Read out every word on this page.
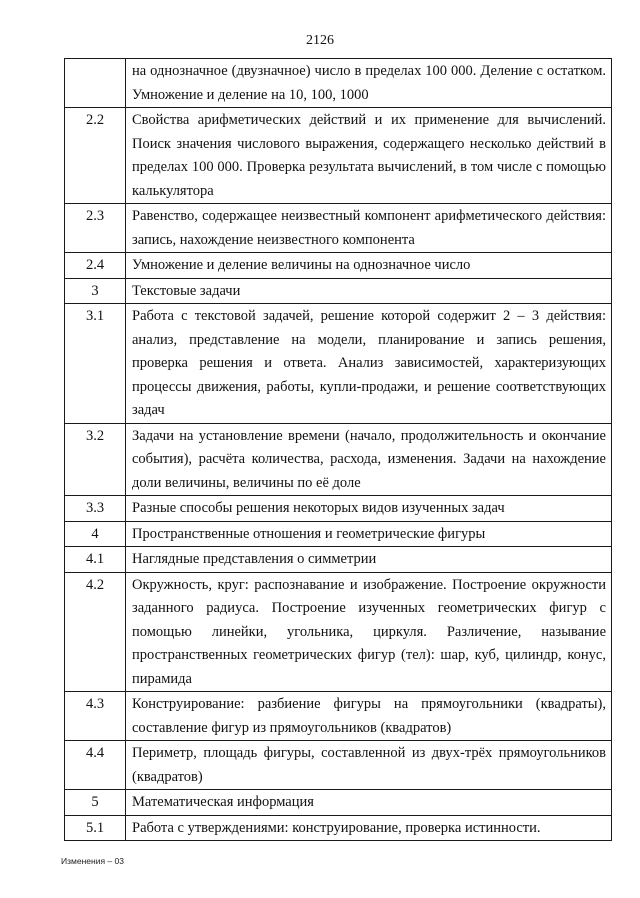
2126
	на однозначное (двузначное) число в пределах 100 000. Деление с остатком. Умножение и деление на 10, 100, 1000
2.2	Свойства арифметических действий и их применение для вычислений. Поиск значения числового выражения, содержащего несколько действий в пределах 100 000. Проверка результата вычислений, в том числе с помощью калькулятора
2.3	Равенство, содержащее неизвестный компонент арифметического действия: запись, нахождение неизвестного компонента
2.4	Умножение и деление величины на однозначное число
3	Текстовые задачи
3.1	Работа с текстовой задачей, решение которой содержит 2 – 3 действия: анализ, представление на модели, планирование и запись решения, проверка решения и ответа. Анализ зависимостей, характеризующих процессы движения, работы, купли-продажи, и решение соответствующих задач
3.2	Задачи на установление времени (начало, продолжительность и окончание события), расчёта количества, расхода, изменения. Задачи на нахождение доли величины, величины по её доле
3.3	Разные способы решения некоторых видов изученных задач
4	Пространственные отношения и геометрические фигуры
4.1	Наглядные представления о симметрии
4.2	Окружность, круг: распознавание и изображение. Построение окружности заданного радиуса. Построение изученных геометрических фигур с помощью линейки, угольника, циркуля. Различение, называние пространственных геометрических фигур (тел): шар, куб, цилиндр, конус, пирамида
4.3	Конструирование: разбиение фигуры на прямоугольники (квадраты), составление фигур из прямоугольников (квадратов)
4.4	Периметр, площадь фигуры, составленной из двух-трёх прямоугольников (квадратов)
5	Математическая информация
5.1	Работа с утверждениями: конструирование, проверка истинности.
Изменения – 03
